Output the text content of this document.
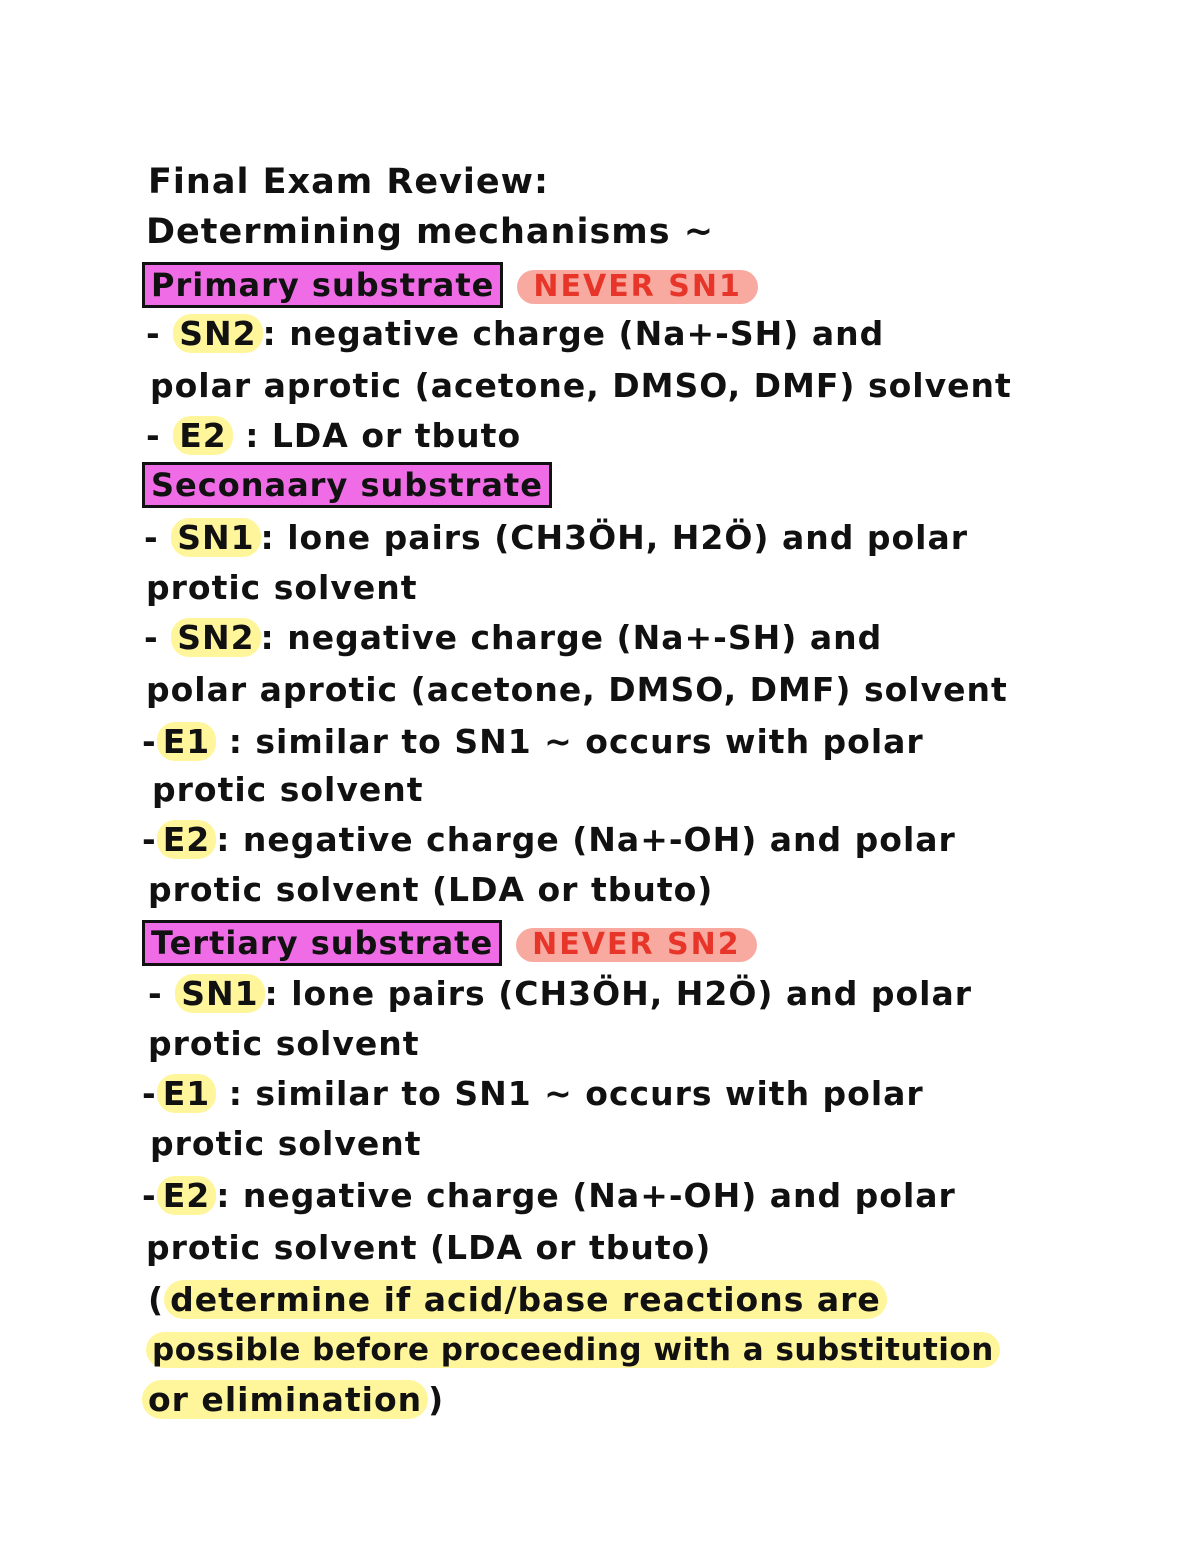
Final Exam Review:
Determining mechanisms ~
Primary substrate NEVER SN1
- SN2 : negative charge (Na+-SH) and
polar aprotic (acetone, DMSO, DMF) solvent
- E2 : LDA or tbuto
Seconaary substrate
- SN1 : lone pairs (CH3ÖH, H2Ö) and polar
protic solvent
- SN2 : negative charge (Na+-SH) and
polar aprotic (acetone, DMSO, DMF) solvent
- E1 : similar to SN1 ~ occurs with polar
protic solvent
- E2 : negative charge (Na+-OH) and polar
protic solvent (LDA or tbuto)
Tertiary substrate NEVER SN2
- SN1 : lone pairs (CH3ÖH, H2Ö) and polar
protic solvent
- E1 : similar to SN1 ~ occurs with polar
protic solvent
- E2 : negative charge (Na+-OH) and polar
protic solvent (LDA or tbuto)
( determine if acid/base reactions are
possible before proceeding with a substitution
or elimination )
